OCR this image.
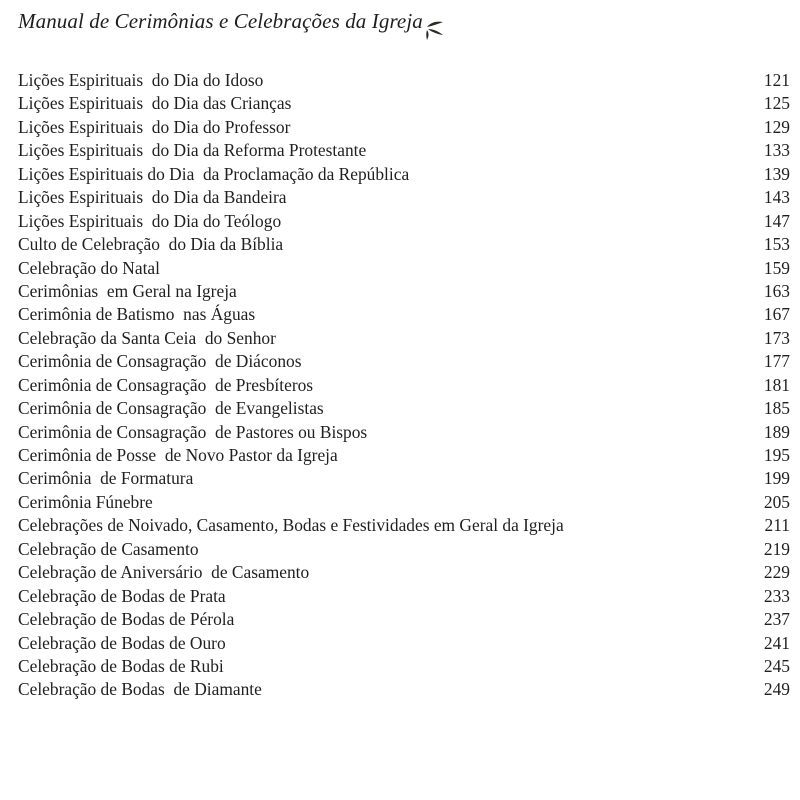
Manual de Cerimônias e Celebrações da Igreja
Lições Espirituais  do Dia do Idoso	121
Lições Espirituais  do Dia das Crianças	125
Lições Espirituais  do Dia do Professor	129
Lições Espirituais  do Dia da Reforma Protestante	133
Lições Espirituais do Dia  da Proclamação da República	139
Lições Espirituais  do Dia da Bandeira	143
Lições Espirituais  do Dia do Teólogo	147
Culto de Celebração  do Dia da Bíblia	153
Celebração do Natal	159
Cerimônias  em Geral na Igreja	163
Cerimônia de Batismo  nas Águas	167
Celebração da Santa Ceia  do Senhor	173
Cerimônia de Consagração  de Diáconos	177
Cerimônia de Consagração  de Presbíteros	181
Cerimônia de Consagração  de Evangelistas	185
Cerimônia de Consagração  de Pastores ou Bispos	189
Cerimônia de Posse  de Novo Pastor da Igreja	195
Cerimônia  de Formatura	199
Cerimônia Fúnebre	205
Celebrações de Noivado, Casamento, Bodas e Festividades em Geral da Igreja	211
Celebração de Casamento	219
Celebração de Aniversário  de Casamento	229
Celebração de Bodas de Prata	233
Celebração de Bodas de Pérola	237
Celebração de Bodas de Ouro	241
Celebração de Bodas de Rubi	245
Celebração de Bodas  de Diamante	249
